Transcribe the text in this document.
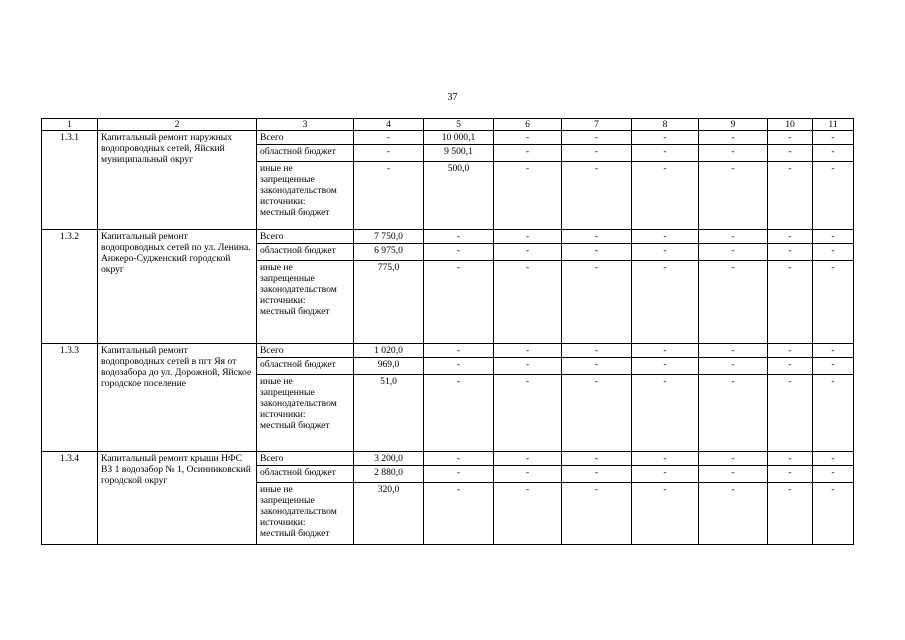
37
1	2	3	4	5	6	7	8	9	10	11
1.3.1	Капитальный ремонт наружных водопроводных сетей, Яйский муниципальный округ	Всего	-	10 000,1	-	-	-	-	-	-
		областной бюджет	-	9 500,1	-	-	-	-	-	-

		иные не
запрещенные
законодательством
источники:
местный бюджет	-	500,0	-	-	-	-	-	-
1.3.2	Капитальный ремонт водопроводных сетей по ул. Ленина. Анжеро-Судженский городской округ	Всего	7 750,0	-	-	-	-	-	-	-
		областной бюджет	6 975,0	-	-	-	-	-	-	-

		иные не
запрещенные
законодательством
источники:
местный бюджет	775,0	-	-	-	-	-	-	-
1.3.3	Капитальный ремонт водопроводных сетей в пгт Яя от водозабора до ул. Дорожной, Яйское городское поселение	Всего	1 020,0	-	-	-	-	-	-	-
		областной бюджет	969,0	-	-	-	-	-	-	-

		иные не
запрещенные
законодательством
источники:
местный бюджет	51,0	-	-	-	-	-	-	-
1.3.4	Капитальный ремонт крыши НФС ВЗ 1 водозабор № 1, Осинниковский городской округ	Всего	3 200,0	-	-	-	-	-	-	-
		областной бюджет	2 880,0	-	-	-	-	-	-	-

		иные не
запрещенные
законодательством
источники:
местный бюджет	320,0	-	-	-	-	-	-	-
